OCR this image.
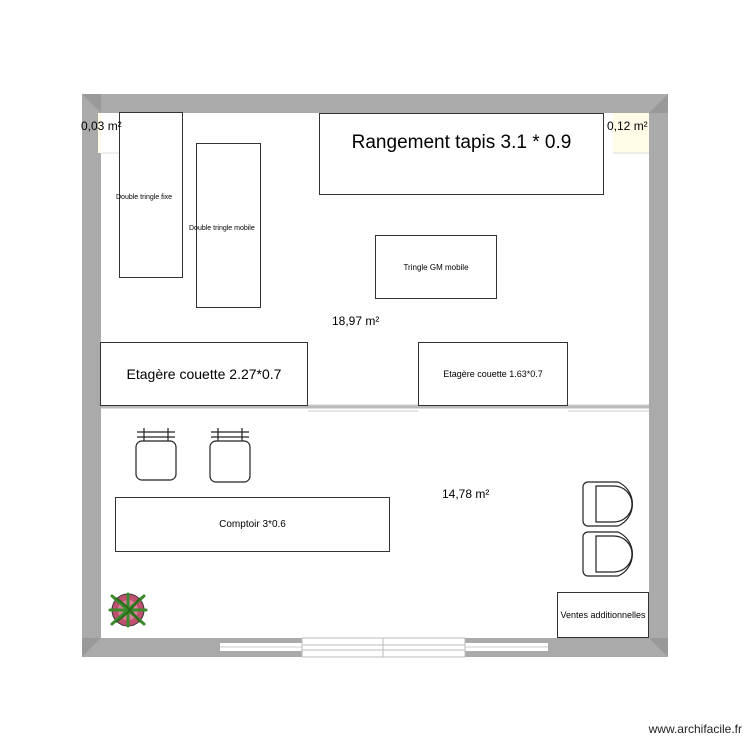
Rangement tapis 3.1 * 0.9
Double tringle fixe
Double tringle mobile
Tringle GM mobile
Etagère couette 2.27*0.7	Etagère couette 1.63*0.7
Comptoir 3*0.6
Ventes additionnelles
18,97 m²
14,78 m²
0,03 m²	0,12 m²
www.archifacile.fr
